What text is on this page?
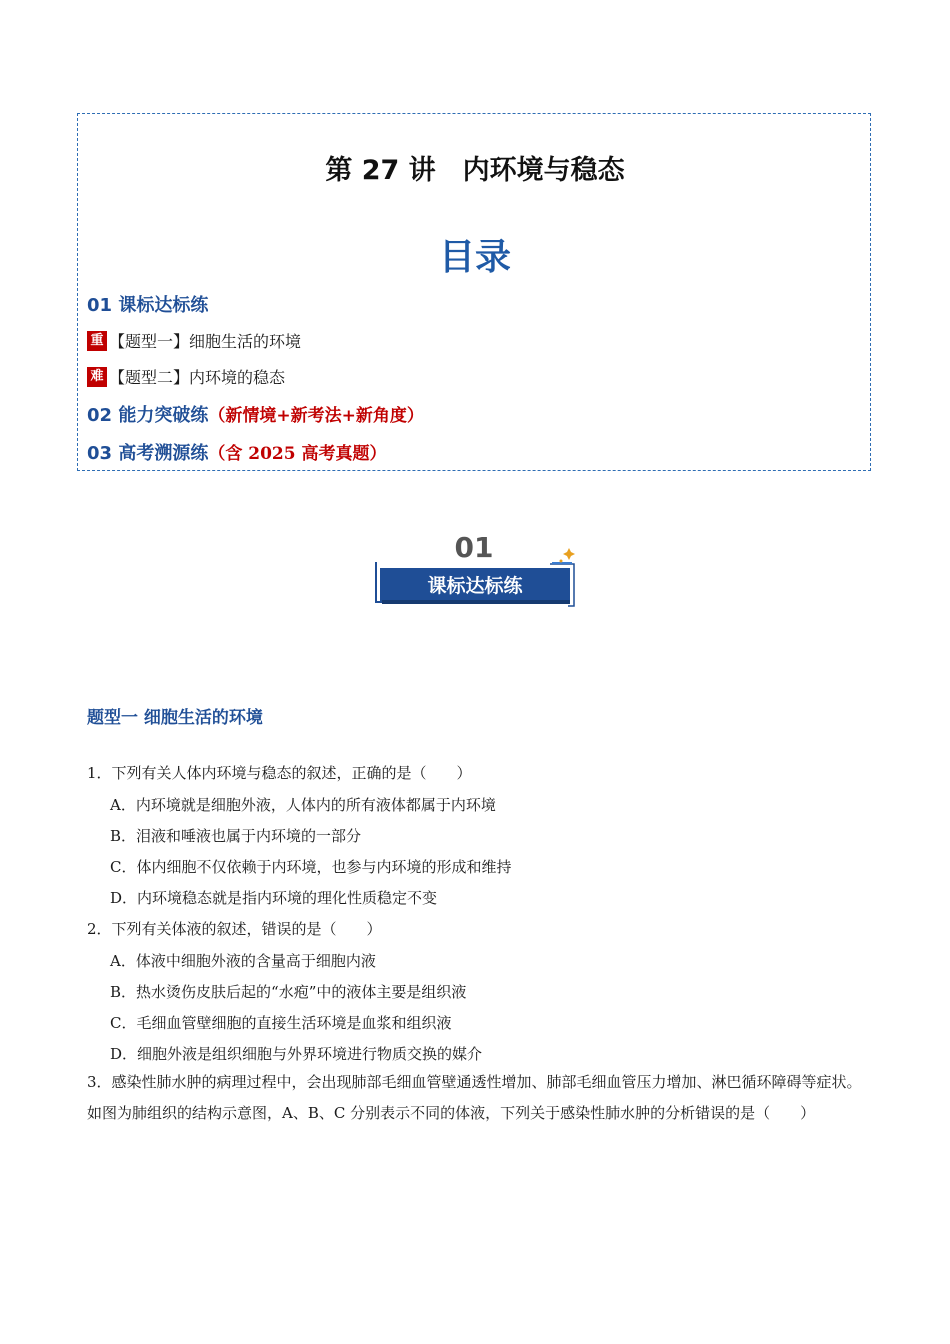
第 27 讲　内环境与稳态
目录
01 课标达标练
重 【题型一】细胞生活的环境
难 【题型二】内环境的稳态
02 能力突破练（新情境+新考法+新角度）
03 高考溯源练（含 2025 高考真题）
01
课标达标练
题型一 细胞生活的环境
1．下列有关人体内环境与稳态的叙述，正确的是（　　）
A．内环境就是细胞外液，人体内的所有液体都属于内环境
B．泪液和唾液也属于内环境的一部分
C．体内细胞不仅依赖于内环境，也参与内环境的形成和维持
D．内环境稳态就是指内环境的理化性质稳定不变
2．下列有关体液的叙述，错误的是（　　）
A．体液中细胞外液的含量高于细胞内液
B．热水烫伤皮肤后起的“水疱”中的液体主要是组织液
C．毛细血管壁细胞的直接生活环境是血浆和组织液
D．细胞外液是组织细胞与外界环境进行物质交换的媒介
3．感染性肺水肿的病理过程中，会出现肺部毛细血管壁通透性增加、肺部毛细血管压力增加、淋巴循环障碍等症状。如图为肺组织的结构示意图，A、B、C 分别表示不同的体液，下列关于感染性肺水肿的分析错误的是（　　）
